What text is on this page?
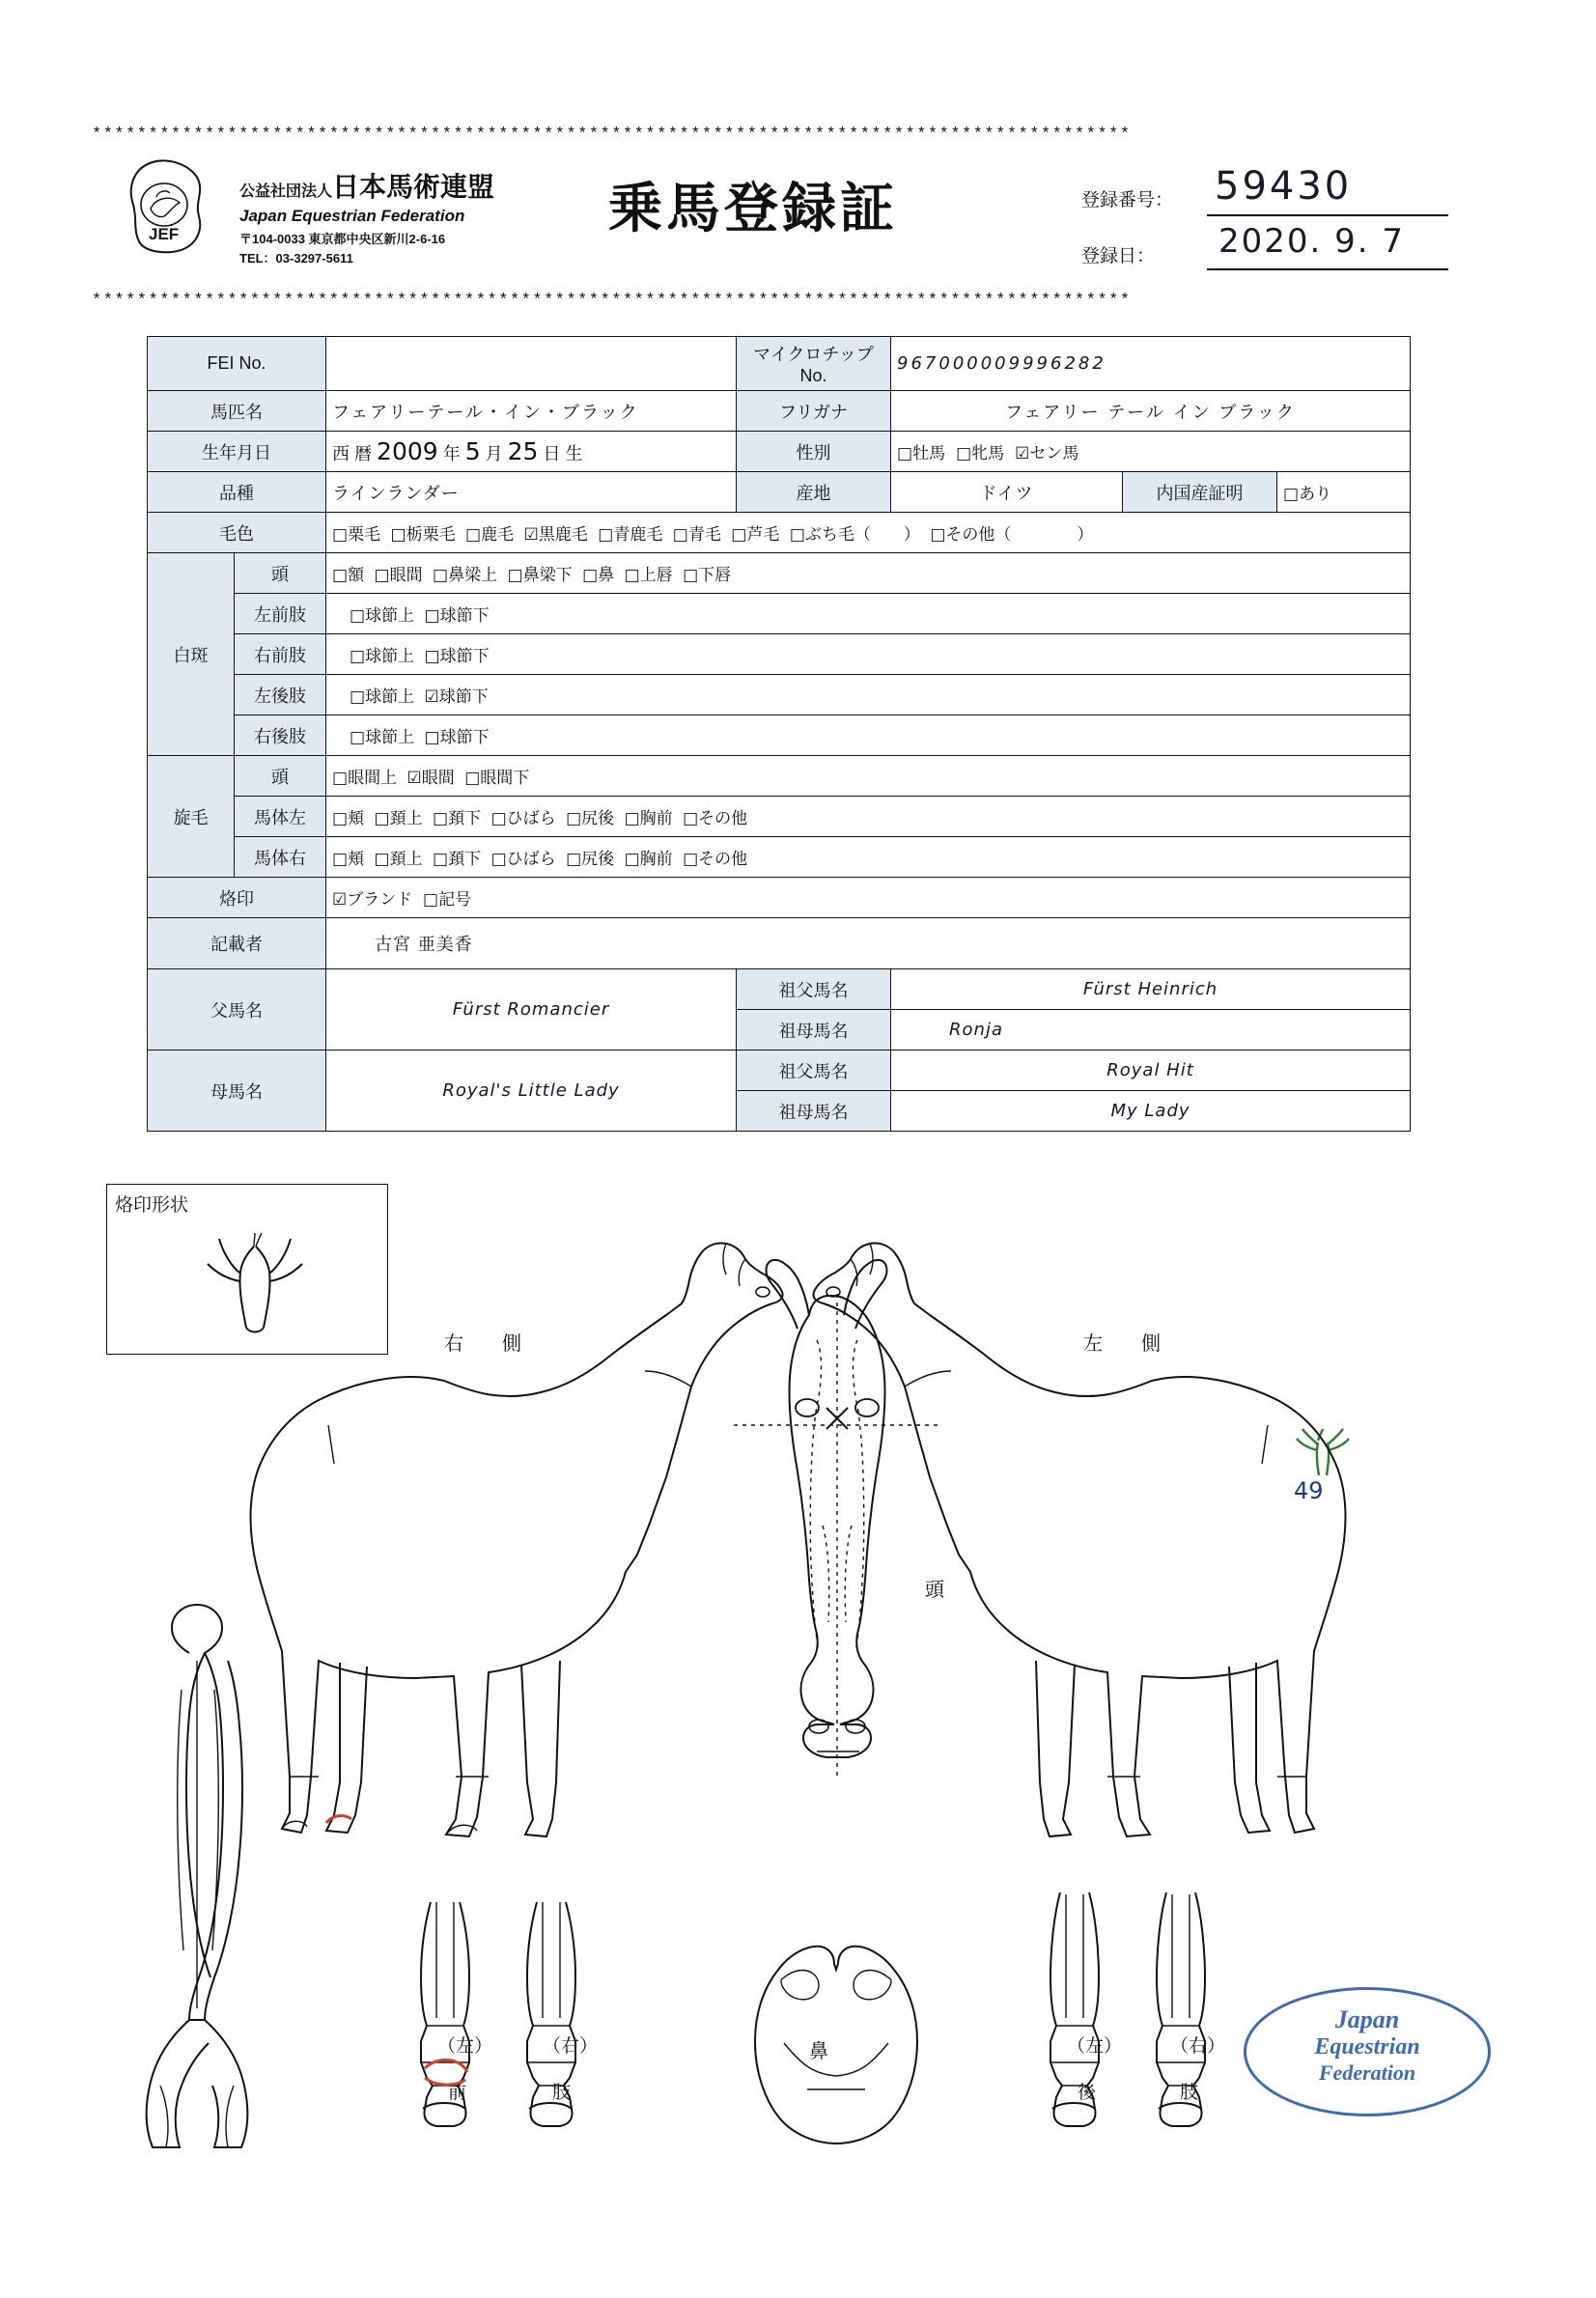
********************************************************************************************
JEF
公益社団法人日本馬術連盟
Japan Equestrian Federation
〒104-0033 東京都中央区新川2-6-16
TEL：03-3297-5611
乗馬登録証	登録番号： 59430
登録日： 2020. 9. 7
********************************************************************************************
FEI No.			マイクロチップNo.	967000009996282		
馬匹名		フェアリーテール・イン・ブラック	フリガナ	フェアリー テール イン ブラック		
生年月日		西 暦 2009 年 5 月 25 日 生	性別	□牡馬 □牝馬 ☑セン馬		
品種		ラインランダー	産地	ドイツ	内国産証明	□あり
毛色		□栗毛 □栃栗毛 □鹿毛 ☑黒鹿毛 □青鹿毛 □青毛 □芦毛 □ぶち毛（　　） □その他（　　　　）				
白斑	頭	□額 □眼間 □鼻梁上 □鼻梁下 □鼻 □上唇 □下唇				
	左前肢	□球節上 □球節下				
	右前肢	□球節上 □球節下				
	左後肢	□球節上 ☑球節下				
	右後肢	□球節上 □球節下				
旋毛	頭	□眼間上 ☑眼間 □眼間下				
	馬体左	□頬 □頚上 □頚下 □ひばら □尻後 □胸前 □その他				
	馬体右	□頬 □頚上 □頚下 □ひばら □尻後 □胸前 □その他				
烙印		☑ブランド □記号				
記載者		古宮 亜美香				
父馬名		Fürst Romancier	祖父馬名	Fürst Heinrich		
			祖母馬名	Ronja		
母馬名		Royal's Little Lady	祖父馬名	Royal Hit		
			祖母馬名	My Lady		
烙印形状
右　側	左　側
頭
鼻
（左）	（右）
前	肢
（左）	（右）
後	肢
49
Japan
Equestrian
Federation
